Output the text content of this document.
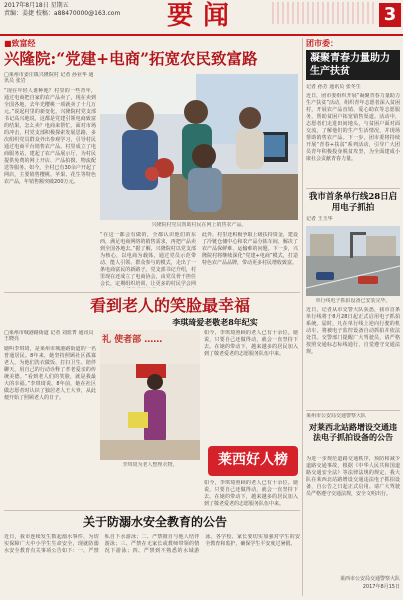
2017年8月18日 星期五
责编：姜捷 校稿：a88470000@163.com	要闻	3
■致富经
兴隆院:“党建+电商”拓宽农民致富路
□莱州市姜庄镇兴隆院村 记者 孙业华 通讯员 张岩
“现在年轻人谁种地？村里的一些青年，通过电商把自家的农产品卖了，现在卖到全国各地，去年光樱桃一项就卖了十几万元。”说起村里的新变化，兴隆院村党支部书记高兴地说，这都是党建引领电商致富的结果。怎么卖？电商来帮忙。面对市场的冲击，村党支部积极探索发展思路，多次组织党员群众外出参观学习，引导村民通过电商平台销售农产品。村里成立了电商服务站，建起了农产品展示厅，为村民提供免费的网上开店、产品拍摄、物流配送等服务。如今，全村已有30余户开起了网店，主要销售樱桃、苹果、花生等特色农产品，年销售额突破200万元。
兴隆院村党员帮助村民在网上销售农产品。
“在这一都会有做的，全都认识他们的东西，满足电商网络的销售需求，再把产品卖到全国各地去。”据了解，兴隆院村以党支部为核心，以电商为载体，通过党员示范带动、能人引领、群众参与的模式，走出了一条电商富民的新路子。党支部书记介绍，村里现在还成立了电商协会，由党员骨干担任会长，定期组织培训，让更多的村民学会网
此外，村里还积极争取上级扶持资金，建设了冷链仓储中心和农产品分拣车间，解决了农产品保鲜难、运输难的问题。下一步，兴隆院村将继续深化“党建+电商”模式，打造特色农产品品牌，带动更多村民增收致富。
看到老人的笑脸最幸福
李琪琦爱老敬老8年纪实
□莱州市城港路街道 记者 刘蓝菁 通讯员 王晓亮
她叫李琪琦，是莱州市城港路街道的一名普通居民。8年来，她坚持照顾社区孤寡老人，为他们洗衣做饭、打扫卫生、陪伴聊天，用自己的行动诠释了孝老爱亲的传统美德。“看到老人们的笑脸，就是我最大的幸福。”李琪琦说。8年前，她在社区做志愿者时认识了独居老人王大爷，从此便开始了照顾老人的日子。
礼 使者部 ……
李琪琦为老人整理衣物。
如今，李琪琦照顾的老人已有十余位。她说，只要自己还做得动，就会一直坚持下去。在她的带动下，越来越多的居民加入到了敬老爱老的志愿服务队伍中来。
莱西好人榜
如今，李琪琦照顾的老人已有十余位。她说，只要自己还做得动，就会一直坚持下去。在她的带动下，越来越多的居民加入到了敬老爱老的志愿服务队伍中来。
关于防溺水安全教育的公告
近日，我市连续发生数起溺水事件，为切实保障广大中小学生生命安全，现就防溺水安全教育有关事项公告如下：一、严禁私自下水游泳；二、严禁擅自与他人结伴游泳；三、严禁在无家长或教师带领的情况下游泳；四、严禁到不熟悉的水域游泳。各学校、家长要切实加强对学生的安全教育和监护，确保学生平安度过暑假。
团市委：
凝聚青春力量助力生产扶贫
记者 孙芳 通讯员 张冬生
近日，团市委组织开展“凝聚青春力量助力生产扶贫”活动，组织青年志愿者深入贫困村，开展农产品直销、爱心助农等志愿服务，帮助贫困户拓宽销售渠道。活动中，志愿者们走进田间地头，与贫困户面对面交流，了解他们的生产生活情况，并现场帮助销售农产品。下一步，团市委将持续开展“青春+扶贫”系列活动，引导广大团员青年积极投身脱贫攻坚，为全面建成小康社会贡献青春力量。
我市首条单行线28日启用电子抓拍
记者 王玉华
单行线电子抓拍设备已安装完毕。
近日，记者从市交警大队获悉，我市首条单行线将于8月28日起正式启用电子抓拍系统。届时，凡在单行线上逆向行驶的机动车，将被电子监控设备自动抓拍并依法处罚。交警部门提醒广大驾驶员，请严格按照交通标志标线通行，自觉遵守交通法规。
莱州市公安局交通警察大队
对莱西北站路增设交通违法电子抓拍设备的公告
为进一步规范道路交通秩序，预防和减少道路交通事故，根据《中华人民共和国道路交通安全法》等法律法规的规定，我大队在莱西北站路增设交通违法电子抓拍设备，自公告之日起正式启用。请广大驾驶员严格遵守交通法规，安全文明出行。
莱西市公安局交通警察大队
2017年8月15日
